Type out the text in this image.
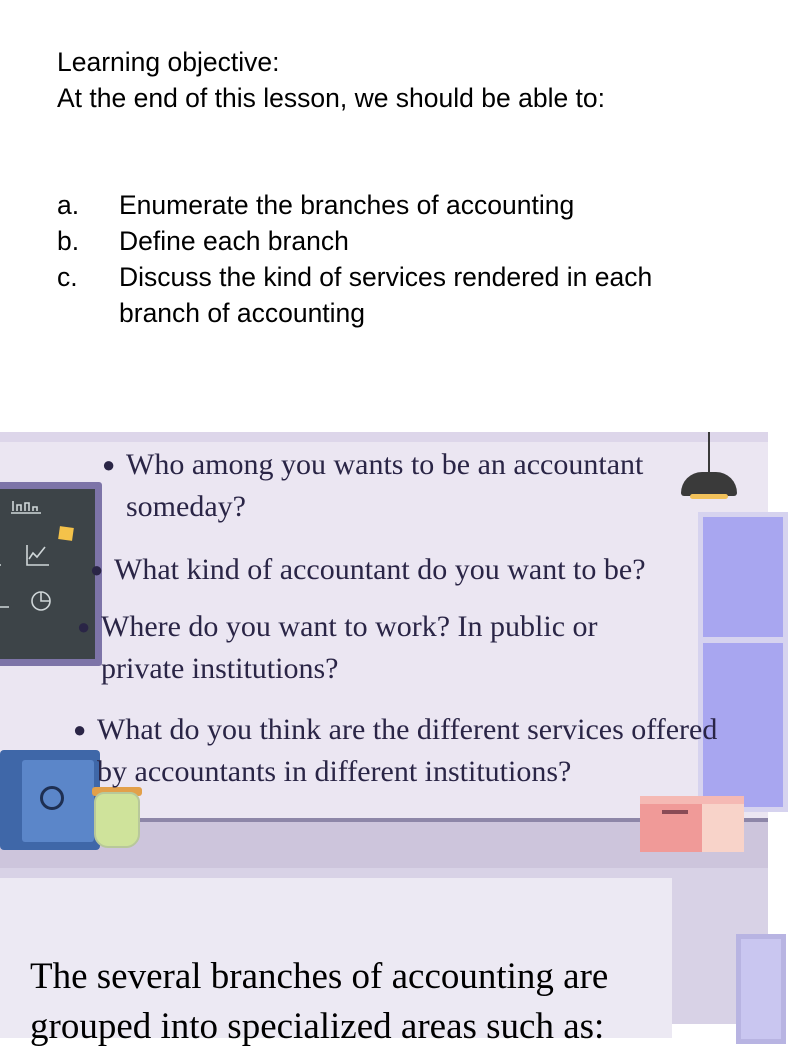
Learning objective:

At the end of this lesson, we should be able to:

a.	Enumerate the branches of accounting
b.	Define each branch
c.	Discuss the kind of services rendered in each branch of accounting
● Who among you wants to be an accountant someday?
● What kind of accountant do you want to be?
● Where do you want to work? In public or private institutions?
● What do you think are the different services offered by accountants in different institutions?

The several branches of accounting are grouped into specialized areas such as:
